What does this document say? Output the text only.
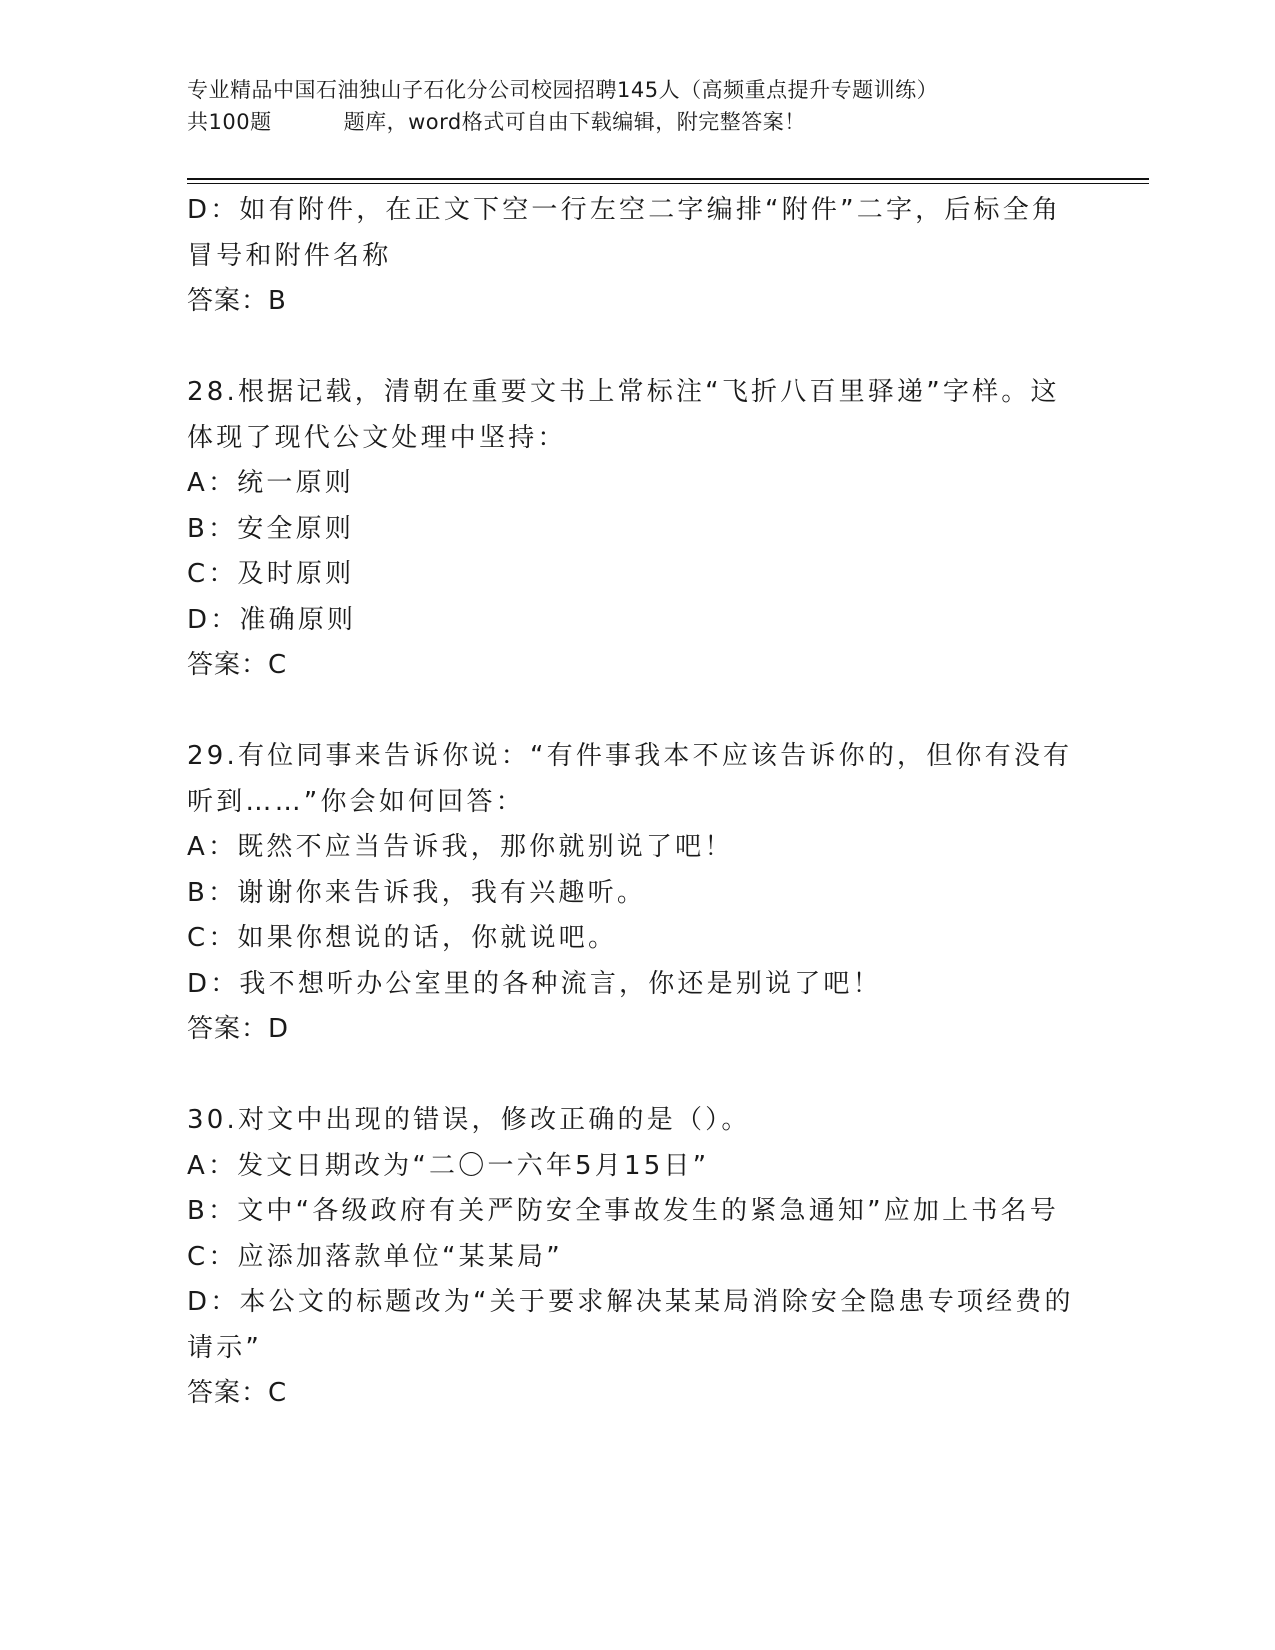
专业精品中国石油独山子石化分公司校园招聘145人（高频重点提升专题训练）
共100题	题库，word格式可自由下载编辑，附完整答案！
D：如有附件，在正文下空一行左空二字编排“附件”二字，后标全角
冒号和附件名称
答案：B
28.根据记载，清朝在重要文书上常标注“飞折八百里驿递”字样。这
体现了现代公文处理中坚持：
A：统一原则
B：安全原则
C：及时原则
D：准确原则
答案：C
29.有位同事来告诉你说：“有件事我本不应该告诉你的，但你有没有
听到……”你会如何回答：
A：既然不应当告诉我，那你就别说了吧！
B：谢谢你来告诉我，我有兴趣听。
C：如果你想说的话，你就说吧。
D：我不想听办公室里的各种流言，你还是别说了吧！
答案：D
30.对文中出现的错误，修改正确的是（）。
A：发文日期改为“二〇一六年5月15日”
B：文中“各级政府有关严防安全事故发生的紧急通知”应加上书名号
C：应添加落款单位“某某局”
D：本公文的标题改为“关于要求解决某某局消除安全隐患专项经费的
请示”
答案：C
